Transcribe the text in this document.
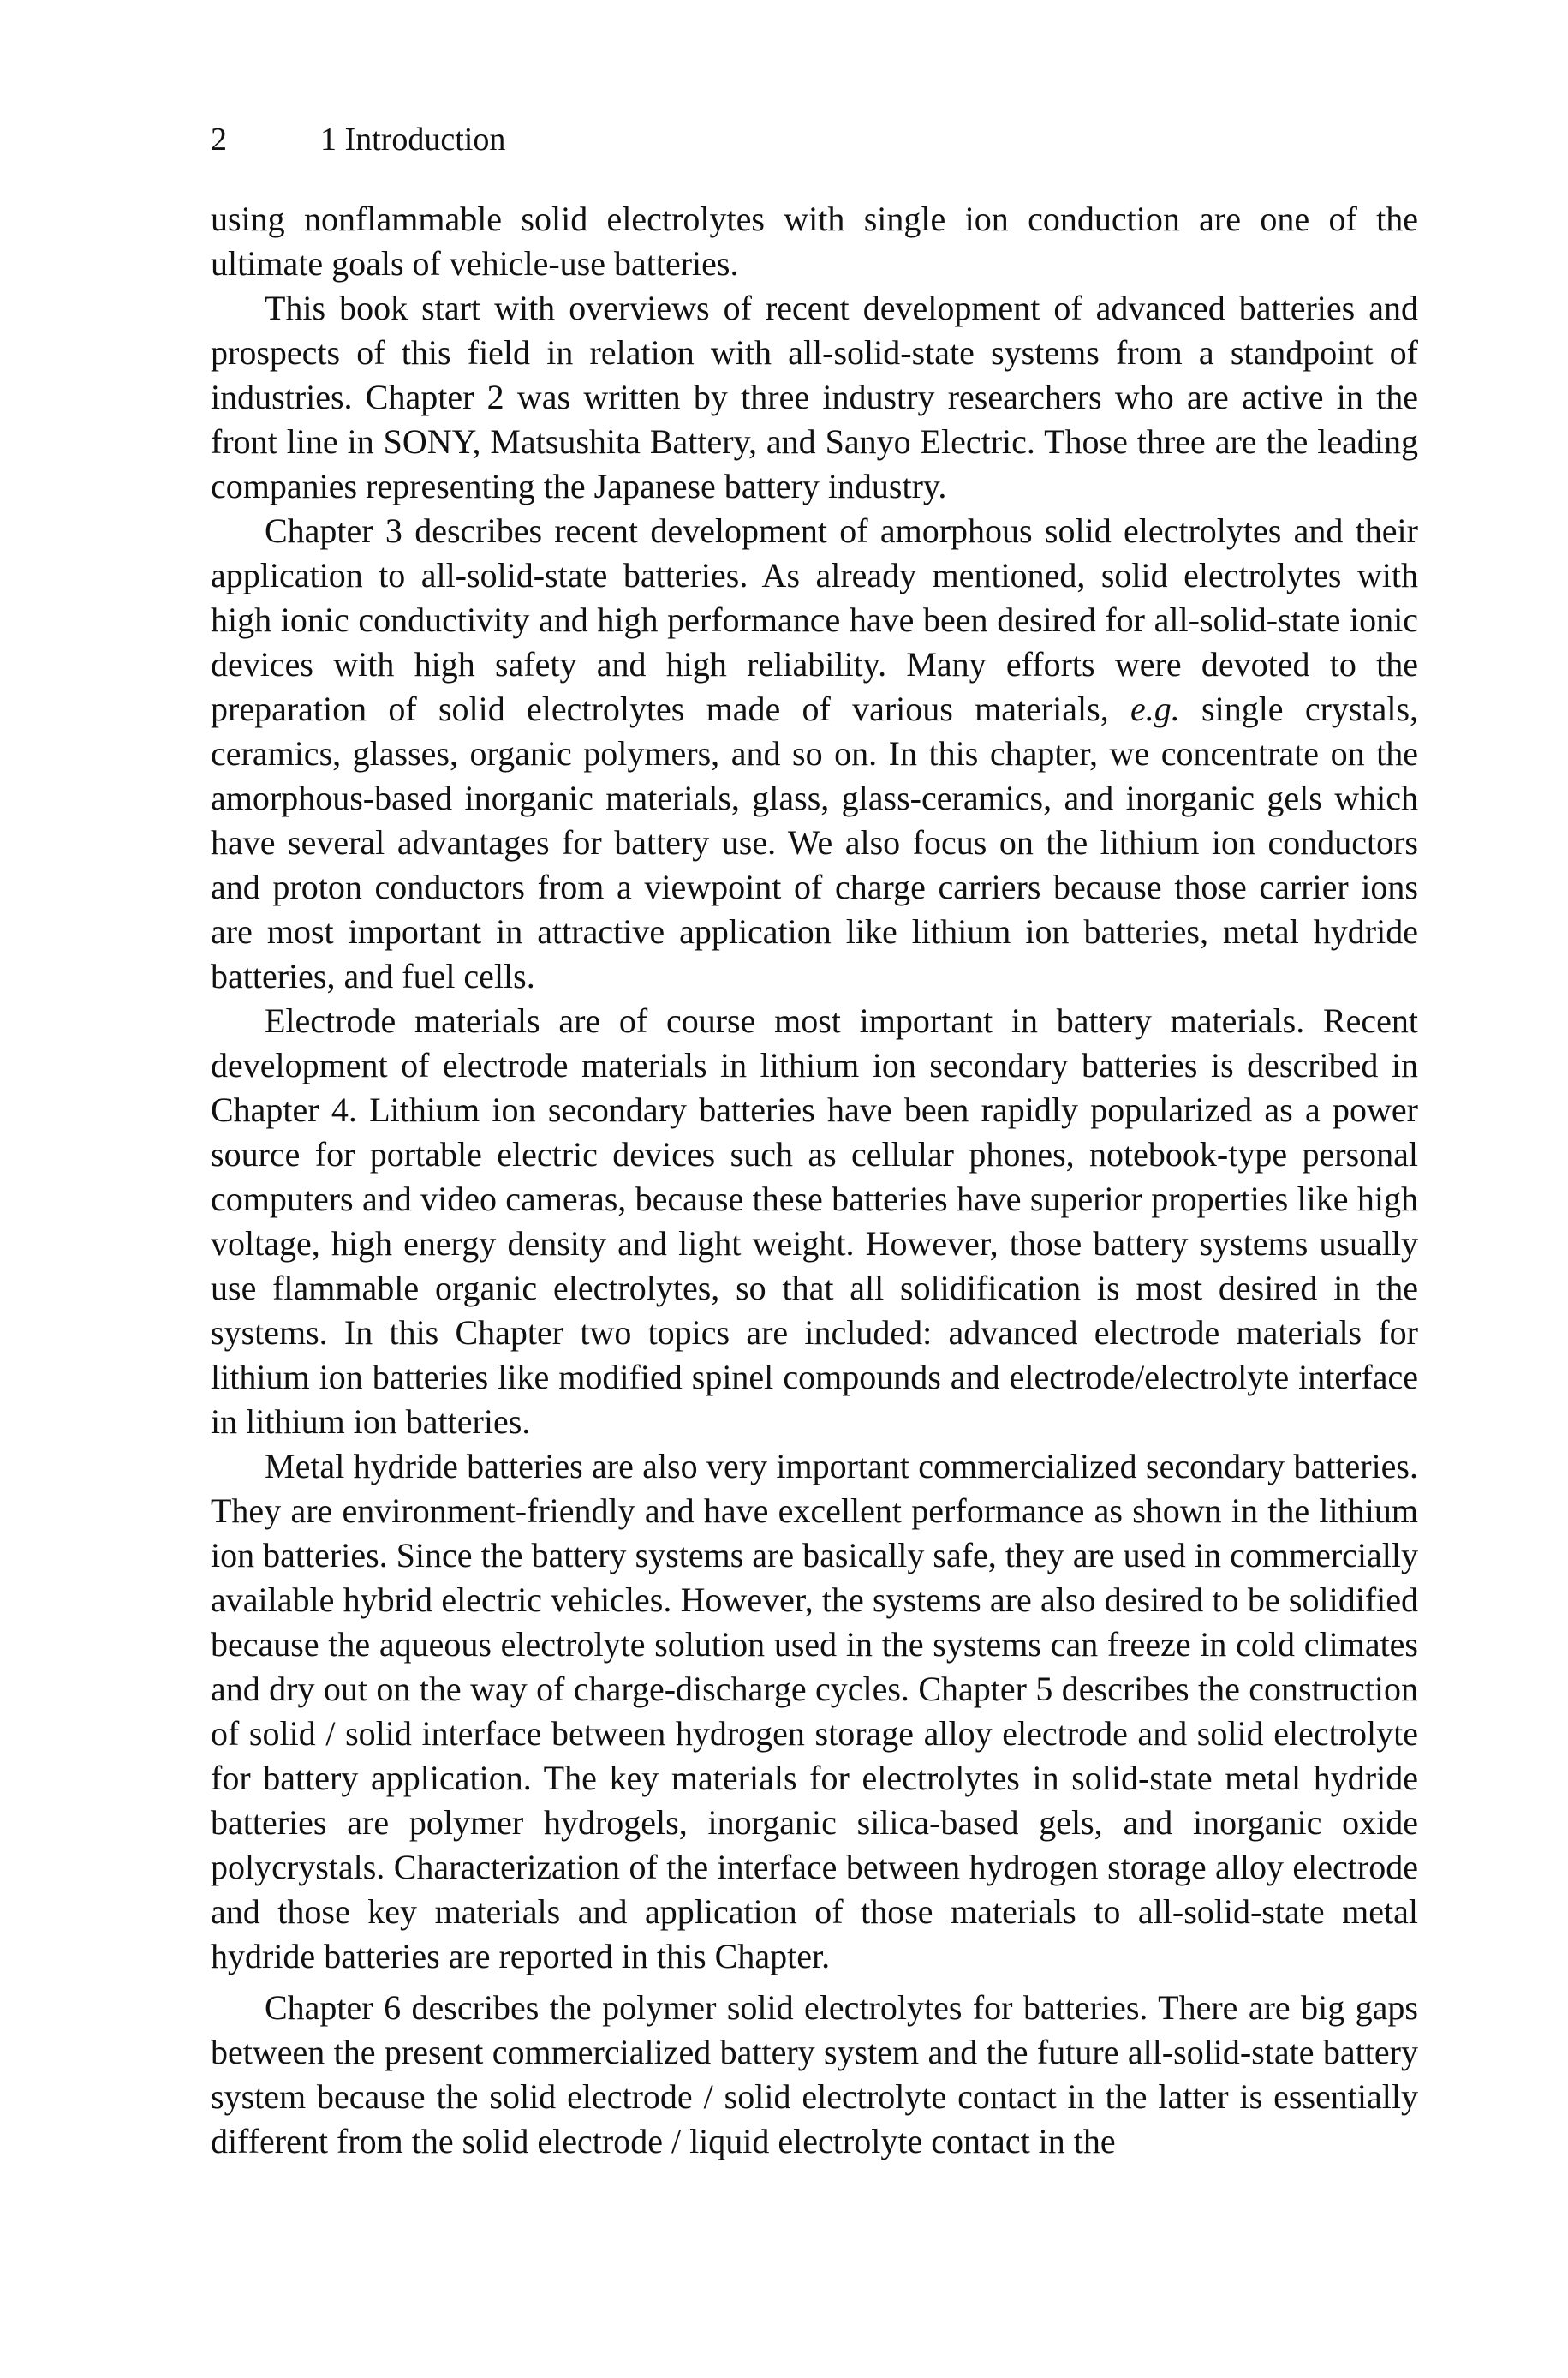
2	1 Introduction

using nonflammable solid electrolytes with single ion conduction are one of the ultimate goals of vehicle-use batteries.

This book start with overviews of recent development of advanced batteries and prospects of this field in relation with all-solid-state systems from a standpoint of industries. Chapter 2 was written by three industry researchers who are active in the front line in SONY, Matsushita Battery, and Sanyo Electric. Those three are the leading companies representing the Japanese battery industry.

Chapter 3 describes recent development of amorphous solid electrolytes and their application to all-solid-state batteries. As already mentioned, solid electrolytes with high ionic conductivity and high performance have been desired for all-solid-state ionic devices with high safety and high reliability. Many efforts were devoted to the preparation of solid electrolytes made of various materials, e.g. single crystals, ceramics, glasses, organic polymers, and so on. In this chapter, we concentrate on the amorphous-based inorganic materials, glass, glass-ceramics, and inorganic gels which have several advantages for battery use. We also focus on the lithium ion conductors and proton conductors from a viewpoint of charge carriers because those carrier ions are most important in attractive application like lithium ion batteries, metal hydride batteries, and fuel cells.

Electrode materials are of course most important in battery materials. Recent development of electrode materials in lithium ion secondary batteries is described in Chapter 4. Lithium ion secondary batteries have been rapidly popularized as a power source for portable electric devices such as cellular phones, notebook-type personal computers and video cameras, because these batteries have superior properties like high voltage, high energy density and light weight. However, those battery systems usually use flammable organic electrolytes, so that all solidification is most desired in the systems. In this Chapter two topics are included: advanced electrode materials for lithium ion batteries like modified spinel compounds and electrode/electrolyte interface in lithium ion batteries.

Metal hydride batteries are also very important commercialized secondary batteries. They are environment-friendly and have excellent performance as shown in the lithium ion batteries. Since the battery systems are basically safe, they are used in commercially available hybrid electric vehicles. However, the systems are also desired to be solidified because the aqueous electrolyte solution used in the systems can freeze in cold climates and dry out on the way of charge-discharge cycles. Chapter 5 describes the construction of solid / solid interface between hydrogen storage alloy electrode and solid electrolyte for battery application. The key materials for electrolytes in solid-state metal hydride batteries are polymer hydrogels, inorganic silica-based gels, and inorganic oxide polycrystals. Characterization of the interface between hydrogen storage alloy electrode and those key materials and application of those materials to all-solid-state metal hydride batteries are reported in this Chapter.

Chapter 6 describes the polymer solid electrolytes for batteries. There are big gaps between the present commercialized battery system and the future all-solid-state battery system because the solid electrode / solid electrolyte contact in the latter is essentially different from the solid electrode / liquid electrolyte contact in the
